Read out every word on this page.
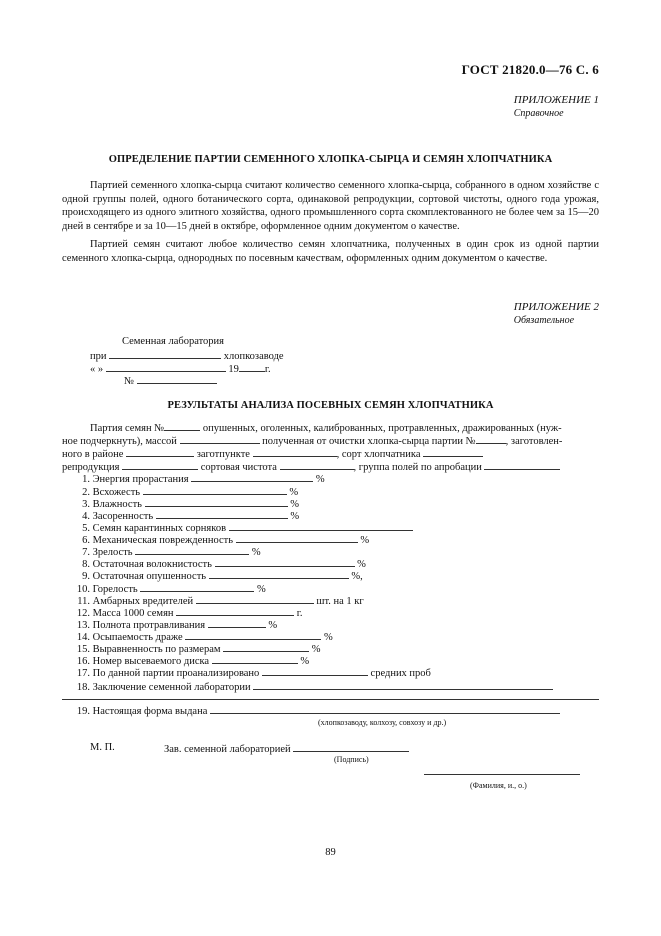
ГОСТ 21820.0—76 С. 6
ПРИЛОЖЕНИЕ 1
Справочное
ОПРЕДЕЛЕНИЕ ПАРТИИ СЕМЕННОГО ХЛОПКА-СЫРЦА И СЕМЯН ХЛОПЧАТНИКА
Партией семенного хлопка-сырца считают количество семенного хлопка-сырца, собранного в одном хозяйстве с одной группы полей, одного ботанического сорта, одинаковой репродукции, сортовой чистоты, одного года урожая, происходящего из одного элитного хозяйства, одного промышленного сорта скомплектованного не более чем за 15—20 дней в сентябре и за 10—15 дней в октябре, оформленное одним документом о качестве.
Партией семян считают любое количество семян хлопчатника, полученных в один срок из одной партии семенного хлопка-сырца, однородных по посевным качествам, оформленных одним документом о качестве.
ПРИЛОЖЕНИЕ 2
Обязательное
Семенная лаборатория
при	хлопкозаводе
« »	19 г.
№
РЕЗУЛЬТАТЫ АНАЛИЗА ПОСЕВНЫХ СЕМЯН ХЛОПЧАТНИКА
Партия семян №	опушенных, оголенных, калиброванных, протравленных, дражированных (нуж-
ное подчеркнуть), массой	полученная от очистки хлопка-сырца партии №	, заготовлен-
ного в районе	заготпункте	, сорт хлопчатника
репродукция	сортовая чистота	, группа полей по апробации
1. Энергия прорастания	%
2. Всхожесть	%
3. Влажность	%
4. Засоренность	%
5. Семян карантинных сорняков
6. Механическая поврежденность	%
7. Зрелость	%
8. Остаточная волокнистость	%
9. Остаточная опушенность	%,
10. Горелость	%
11. Амбарных вредителей	шт. на 1 кг
12. Масса 1000 семян	г.
13. Полнота протравливания	%
14. Осыпаемость драже	%
15. Выравненность по размерам	%
16. Номер высеваемого диска	%
17. По данной партии проанализировано	средних проб
18. Заключение семенной лаборатории
19. Настоящая форма выдана
(хлопкозаводу, колхозу, совхозу и др.)
М. П.	Зав. семенной лабораторией
(Подпись)
(Фамилия, и., о.)
89
